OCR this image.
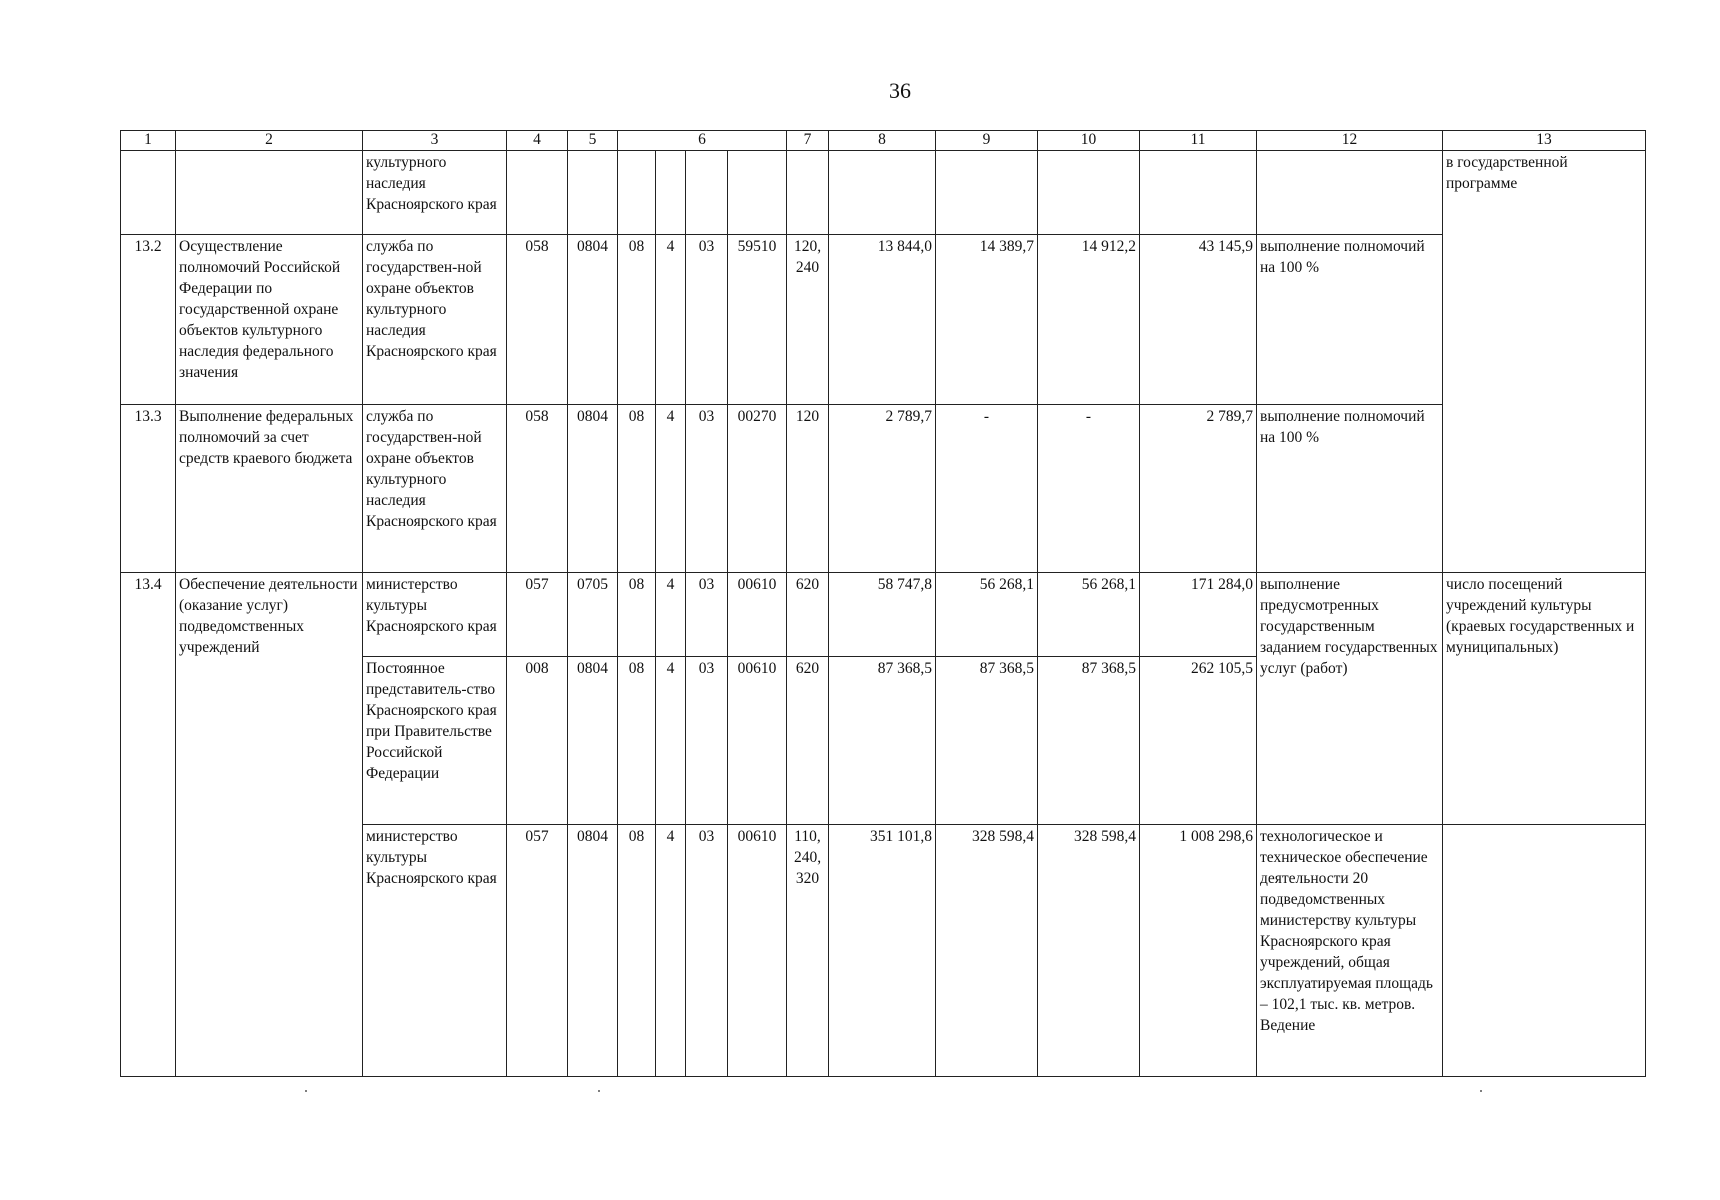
36
1	2	3	4	5	6				7	8	9	10	11	12	13
		культурного наследия Красноярского края													в государственной программе
13.2	Осуществление полномочий Российской Федерации по государственной охране объектов культурного наследия федерального значения	служба по государствен-ной охране объектов культурного наследия Красноярского края	058	0804	08	4	03	59510	120, 240	13 844,0	14 389,7	14 912,2	43 145,9	выполнение полномочий на 100 %	
13.3	Выполнение федеральных полномочий за счет средств краевого бюджета	служба по государствен-ной охране объектов культурного наследия Красноярского края	058	0804	08	4	03	00270	120	2 789,7	-	-	2 789,7	выполнение полномочий на 100 %	
13.4	Обеспечение деятельности (оказание услуг) подведомственных учреждений	министерство культуры Красноярского края	057	0705	08	4	03	00610	620	58 747,8	56 268,1	56 268,1	171 284,0	выполнение предусмотренных государственным заданием государственных услуг (работ)	число посещений учреждений культуры (краевых государственных и муниципальных)
		Постоянное представитель-ство Красноярского края при Правительстве Российской Федерации	008	0804	08	4	03	00610	620	87 368,5	87 368,5	87 368,5	262 105,5		
		министерство культуры Красноярского края	057	0804	08	4	03	00610	110, 240, 320	351 101,8	328 598,4	328 598,4	1 008 298,6	технологическое и техническое обеспечение деятельности 20 подведомственных министерству культуры Красноярского края учреждений, общая эксплуатируемая площадь – 102,1 тыс. кв. метров. Ведение	
